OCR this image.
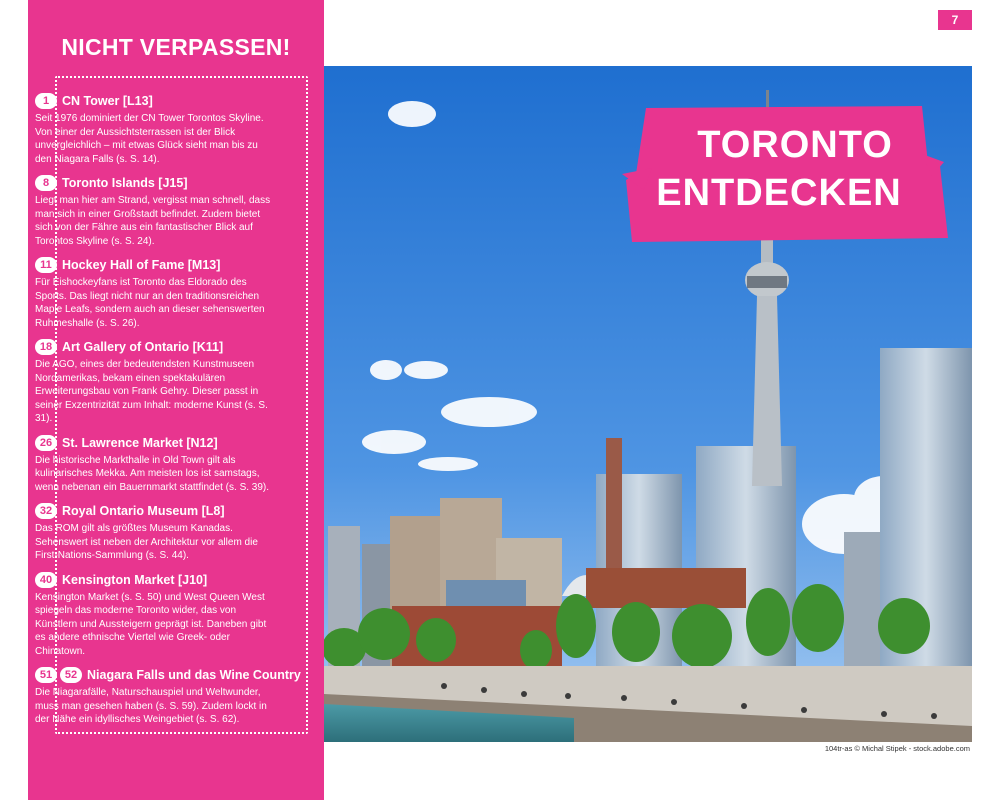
NICHT VERPASSEN!
1	CN Tower [L13]
Seit 1976 dominiert der CN Tower Torontos Skyline. Von einer der Aussichtsterrassen ist der Blick unvergleichlich – mit etwas Glück sieht man bis zu den Niagara Falls (s. S. 14).
8	Toronto Islands [J15]
Liegt man hier am Strand, vergisst man schnell, dass man sich in einer Großstadt befindet. Zudem bietet sich von der Fähre aus ein fantastischer Blick auf Torontos Skyline (s. S. 24).
11 Hockey Hall of Fame [M13]
Für Eishockeyfans ist Toronto das Eldorado des Sports. Das liegt nicht nur an den traditionsreichen Maple Leafs, sondern auch an dieser sehenswerten Ruhmeshalle (s. S. 26).
18 Art Gallery of Ontario [K11]
Die AGO, eines der bedeutendsten Kunstmuseen Nordamerikas, bekam einen spektakulären Erweiterungsbau von Frank Gehry. Dieser passt in seiner Exzentrizität zum Inhalt: moderne Kunst (s. S. 31).
26 St. Lawrence Market [N12]
Die historische Markthalle in Old Town gilt als kulinarisches Mekka. Am meisten los ist samstags, wenn nebenan ein Bauernmarkt stattfindet (s. S. 39).
32 Royal Ontario Museum [L8]
Das ROM gilt als größtes Museum Kanadas. Sehenswert ist neben der Architektur vor allem die First-Nations-Sammlung (s. S. 44).
40 Kensington Market [J10]
Kensington Market (s. S. 50) und West Queen West spiegeln das moderne Toronto wider, das von Künstlern und Aussteigern geprägt ist. Daneben gibt es andere ethnische Viertel wie Greek- oder Chinatown.
51	52 Niagara Falls und das Wine Country
Die Niagarafälle, Naturschauspiel und Weltwunder, muss man gesehen haben (s. S. 59). Zudem lockt in der Nähe ein idyllisches Weingebiet (s. S. 62).
7
TORONTO
ENTDECKEN
104tr-as © Michal Stipek - stock.adobe.com
